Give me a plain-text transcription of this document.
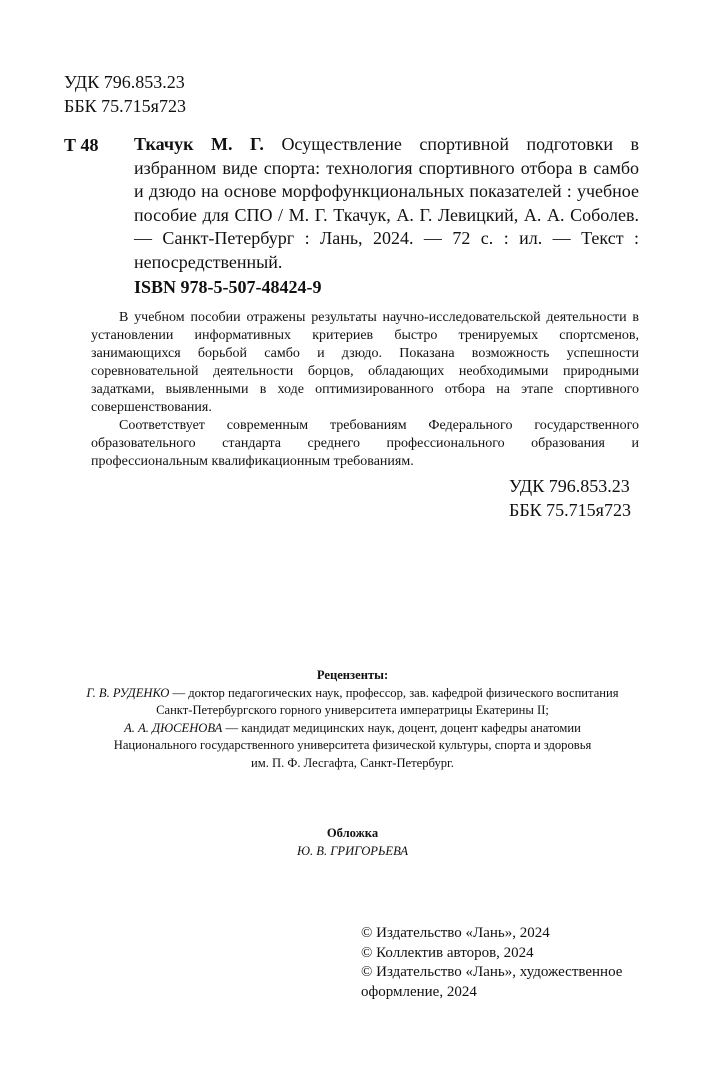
УДК 796.853.23
ББК 75.715я723
Т 48 Ткачук М. Г. Осуществление спортивной подготовки в избранном виде спорта: технология спортивного отбора в самбо и дзюдо на основе морфофункциональных показателей : учебное пособие для СПО / М. Г. Ткачук, А. Г. Левицкий, А. А. Соболев. — Санкт-Петербург : Лань, 2024. — 72 с. : ил. — Текст : непосредственный.
ISBN 978-5-507-48424-9

В учебном пособии отражены результаты научно-исследовательской деятельности в установлении информативных критериев быстро тренируемых спортсменов, занимающихся борьбой самбо и дзюдо. Показана возможность успешности соревновательной деятельности борцов, обладающих необходимыми природными задатками, выявленными в ходе оптимизированного отбора на этапе спортивного совершенствования.

Соответствует современным требованиям Федерального государственного образовательного стандарта среднего профессионального образования и профессиональным квалификационным требованиям.

УДК 796.853.23
ББК 75.715я723
Рецензенты:
Г. В. РУДЕНКО — доктор педагогических наук, профессор, зав. кафедрой физического воспитания
Санкт-Петербургского горного университета императрицы Екатерины II;
А. А. ДЮСЕНОВА — кандидат медицинских наук, доцент, доцент кафедры анатомии
Национального государственного университета физической культуры, спорта и здоровья
им. П. Ф. Лесгафта, Санкт-Петербург.
Обложка
Ю. В. ГРИГОРЬЕВА
© Издательство «Лань», 2024
© Коллектив авторов, 2024
© Издательство «Лань», художественное
оформление, 2024
